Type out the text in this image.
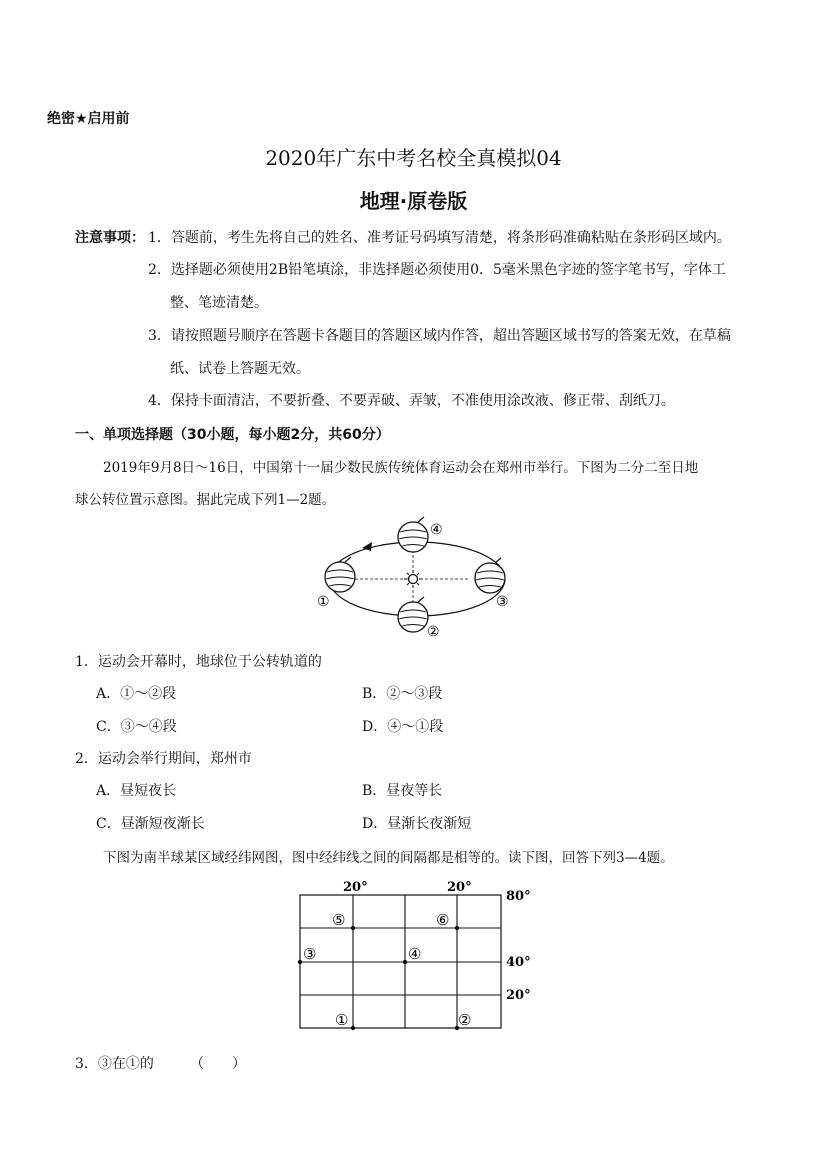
绝密★启用前
2020年广东中考名校全真模拟04
地理·原卷版
注意事项： 1．答题前，考生先将自己的姓名、准考证号码填写清楚，将条形码准确粘贴在条形码区域内。
2．选择题必须使用2B铅笔填涂，非选择题必须使用0．5毫米黑色字迹的签字笔书写，字体工
整、笔迹清楚。
3．请按照题号顺序在答题卡各题目的答题区域内作答，超出答题区域书写的答案无效，在草稿
纸、试卷上答题无效。
4．保持卡面清洁，不要折叠、不要弄破、弄皱，不准使用涂改液、修正带、刮纸刀。
一、单项选择题（30小题，每小题2分，共60分）
2019年9月8日～16日，中国第十一届少数民族传统体育运动会在郑州市举行。下图为二分二至日地
球公转位置示意图。据此完成下列1—2题。
④
①	③
②
1．运动会开幕时，地球位于公转轨道的
A．①～②段	B．②～③段
C．③～④段	D．④～①段
2．运动会举行期间，郑州市
A．昼短夜长	B．昼夜等长
C．昼渐短夜渐长	D．昼渐长夜渐短
下图为南半球某区域经纬网图，图中经纬线之间的间隔都是相等的。读下图，回答下列3—4题。
20°	20°
80°
40°
20°
⑤	⑥
③	④
①	②
3．③在①的	（　　）
